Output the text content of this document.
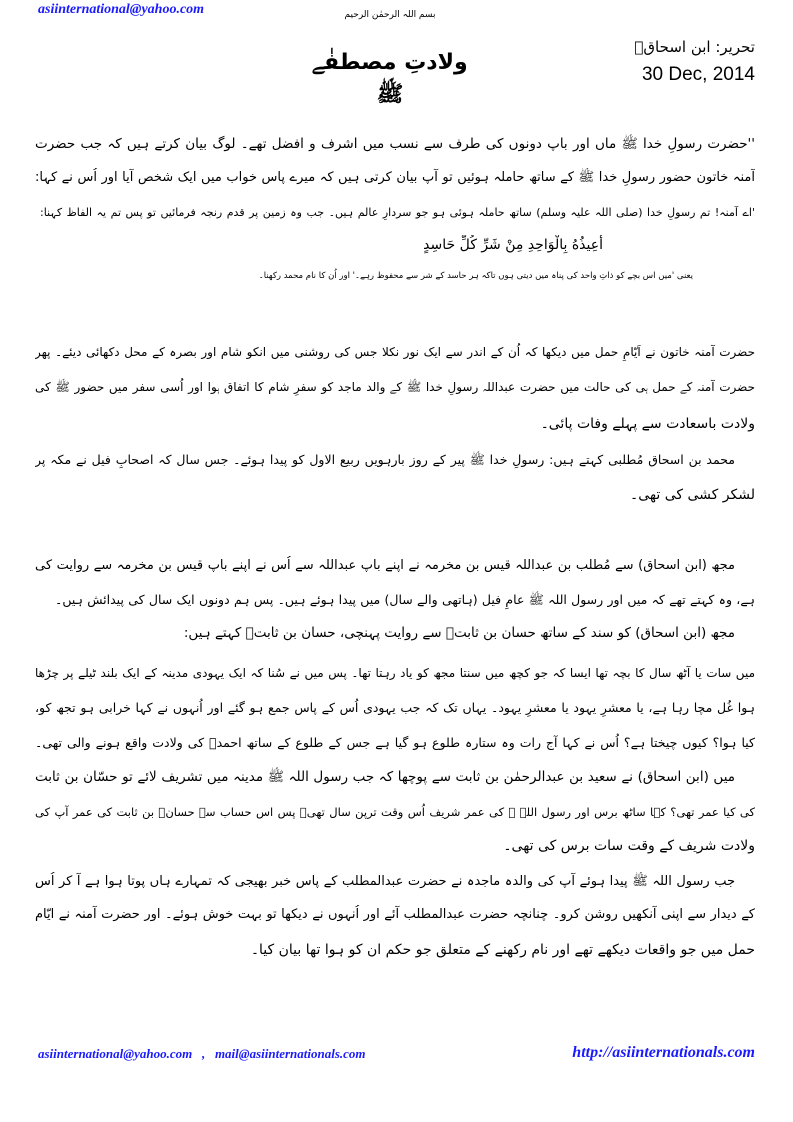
asiinternational@yahoo.com	بسم اللہ الرحمٰن الرحیم
ولادتِ مصطفٰے ﷺ
تحریر: ابن اسحاقؒ
30 Dec, 2014
''حضرت رسولِ خدا ﷺ ماں اور باپ دونوں کی طرف سے نسب میں اشرف و افضل تھے۔ لوگ بیان کرتے ہیں کہ جب حضرت
آمنہ خاتون حضور رسولِ خدا ﷺ کے ساتھ حاملہ ہوئیں تو آپ بیان کرتی ہیں کہ میرے پاس خواب میں ایک شخص آیا اور اُس نے کہا:
'اے آمنہ! تم رسولِ خدا (صلی اللہ علیہ وسلم) ساتھ حاملہ ہوئی ہو جو سردارِ عالم ہیں۔ جب وہ زمین پر قدم رنجہ فرمائیں تو پس تم یہ الفاظ کہنا:
أُعِيذُهُ بِالْوَاحِدِ مِنْ شَرِّ كُلِّ حَاسِدٍ
یعنی 'میں اس بچے کو ذاتِ واحد کی پناہ میں دیتی ہوں تاکہ ہر حاسد کے شر سے محفوظ رہے۔' اور اُن کا نام محمد رکھنا۔
حضرت آمنہ خاتون نے اَیّامِ حمل میں دیکھا کہ اُن کے اندر سے ایک نور نکلا جس کی روشنی میں انکو شام اور بصرہ کے محل دکھائی دیئے۔ پھر
حضرت آمنہ کے حمل ہی کی حالت میں حضرت عبداللہ رسولِ خدا ﷺ کے والد ماجد کو سفرِ شام کا اتفاق ہوا اور اُسی سفر میں حضور ﷺ کی
ولادت باسعادت سے پہلے وفات پائی۔
محمد بن اسحاق مُطلبی کہتے ہیں: رسولِ خدا ﷺ پیر کے روز بارہویں ربیع الاول کو پیدا ہوئے۔ جس سال کہ اصحابِ فیل نے مکہ پر
لشکر کشی کی تھی۔
مجھ (ابن اسحاق) سے مُطلب بن عبداللہ قیس بن مخرمہ نے اپنے باپ عبداللہ سے اُس نے اپنے باپ قیس بن مخرمہ سے روایت کی
ہے، وہ کہتے تھے کہ میں اور رسول اللہ ﷺ عامِ فیل (ہاتھی والے سال) میں پیدا ہوئے ہیں۔ پس ہم دونوں ایک سال کی پیدائش ہیں۔
مجھ (ابن اسحاق) کو سند کے ساتھ حسان بن ثابتؓ سے روایت پہنچی، حسان بن ثابتؓ کہتے ہیں:
میں سات یا آٹھ سال کا بچہ تھا ایسا کہ جو کچھ میں سنتا مجھ کو یاد رہتا تھا۔ پس میں نے سُنا کہ ایک یہودی مدینہ کے ایک بلند ٹیلے پر چڑھا
ہوا غُل مچا رہا ہے، یا معشرِ یہود یا معشرِ یہود۔ یہاں تک کہ جب یہودی اُس کے پاس جمع ہو گئے اور اُنہوں نے کہا خرابی ہو تجھ کو،
کیا ہوا؟ کیوں چیختا ہے؟ اُس نے کہا آج رات وہ ستارہ طلوع ہو گیا ہے جس کے طلوع کے ساتھ احمدؐ کی ولادت واقع ہونے والی تھی۔
میں (ابن اسحاق) نے سعید بن عبدالرحمٰن بن ثابت سے پوچھا کہ جب رسول اللہ ﷺ مدینہ میں تشریف لائے تو حسّان بن ثابت
کی کیا عمر تھی؟ کہا ساٹھ برس اور رسول اللہ ﷺ کی عمر شریف اُس وقت ترپن سال تھی۔ پس اس حساب سے حسانؓ بن ثابت کی عمر آپ کی
ولادت شریف کے وقت سات برس کی تھی۔
جب رسول اللہ ﷺ پیدا ہوئے آپ کی والدہ ماجدہ نے حضرت عبدالمطلب کے پاس خبر بھیجی کہ تمہارے ہاں پوتا ہوا ہے آ کر اُس
کے دیدار سے اپنی آنکھیں روشن کرو۔ چنانچہ حضرت عبدالمطلب آئے اور اُنہوں نے دیکھا تو بہت خوش ہوئے۔ اور حضرت آمنہ نے ایّام
حمل میں جو واقعات دیکھے تھے اور نام رکھنے کے متعلق جو حکم ان کو ہوا تھا بیان کیا۔
asiinternational@yahoo.com   ,   mail@asiinternationals.com	http://asiinternationals.com
